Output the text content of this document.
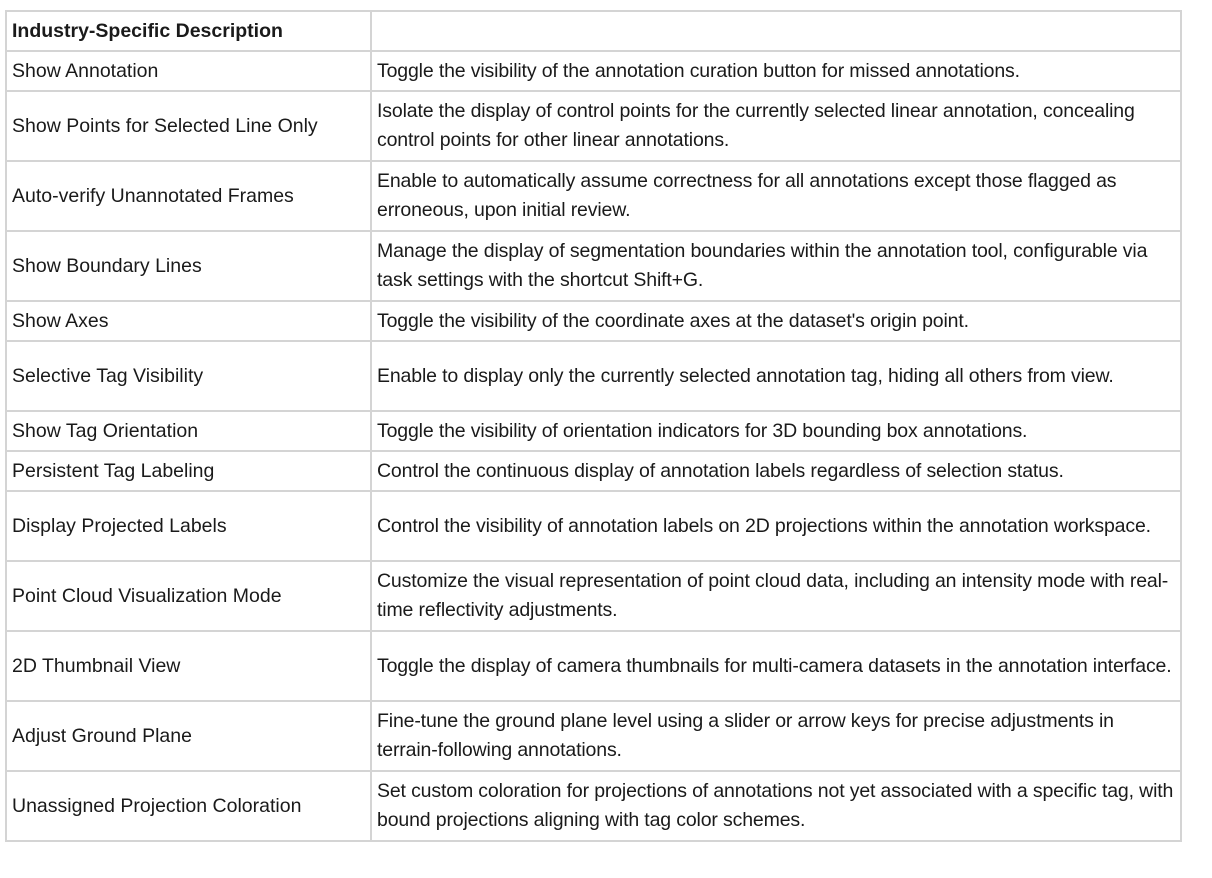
Industry-Specific Description	
Show Annotation	Toggle the visibility of the annotation curation button for missed annotations.
Show Points for Selected Line Only	Isolate the display of control points for the currently selected linear annotation, concealing control points for other linear annotations.
Auto-verify Unannotated Frames	Enable to automatically assume correctness for all annotations except those flagged as erroneous, upon initial review.
Show Boundary Lines	Manage the display of segmentation boundaries within the annotation tool, configurable via task settings with the shortcut Shift+G.
Show Axes	Toggle the visibility of the coordinate axes at the dataset's origin point.
Selective Tag Visibility	Enable to display only the currently selected annotation tag, hiding all others from view.
Show Tag Orientation	Toggle the visibility of orientation indicators for 3D bounding box annotations.
Persistent Tag Labeling	Control the continuous display of annotation labels regardless of selection status.
Display Projected Labels	Control the visibility of annotation labels on 2D projections within the annotation workspace.
Point Cloud Visualization Mode	Customize the visual representation of point cloud data, including an intensity mode with real-time reflectivity adjustments.
2D Thumbnail View	Toggle the display of camera thumbnails for multi-camera datasets in the annotation interface.
Adjust Ground Plane	Fine-tune the ground plane level using a slider or arrow keys for precise adjustments in terrain-following annotations.
Unassigned Projection Coloration	Set custom coloration for projections of annotations not yet associated with a specific tag, with bound projections aligning with tag color schemes.
